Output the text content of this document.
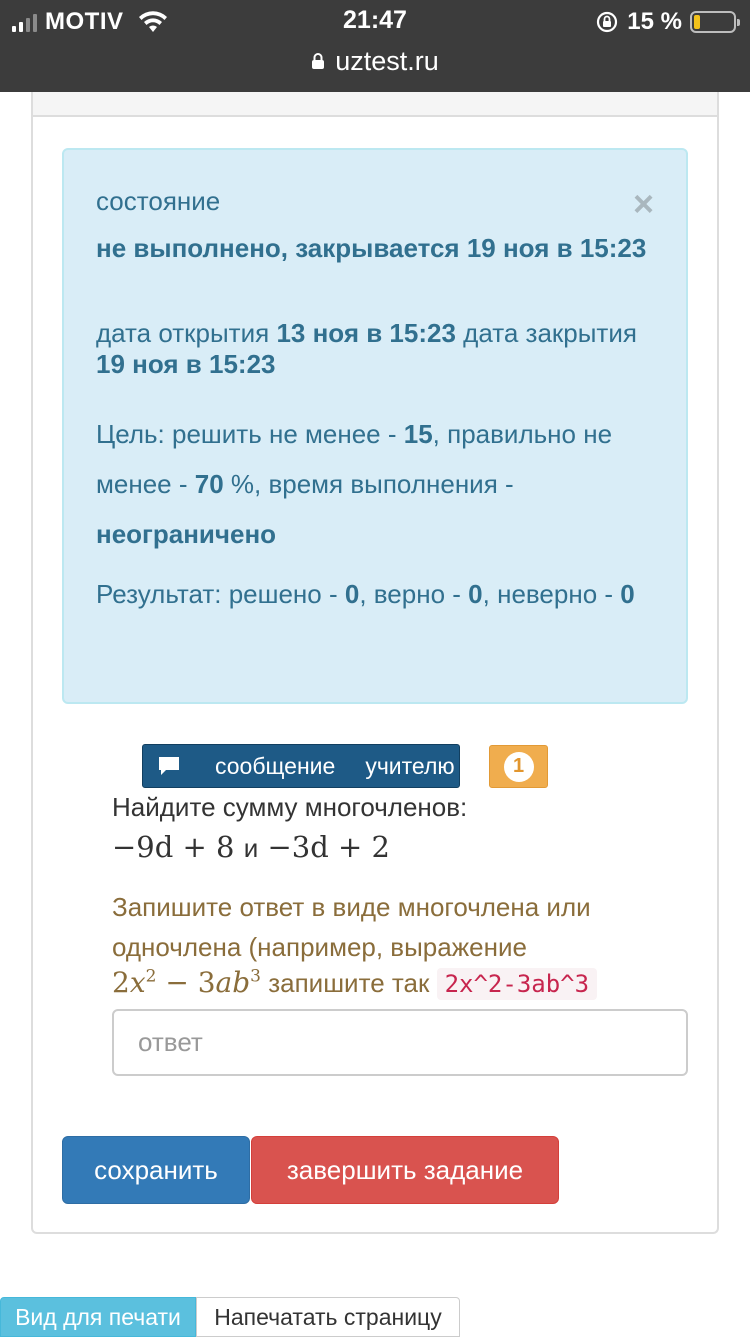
MOTIV	21:47	15 %
uztest.ru
×
состояние
не выполнено, закрывается 19 ноя в 15:23
дата открытия 13 ноя в 15:23 дата закрытия 19 ноя в 15:23
Цель: решить не менее - 15, правильно не менее - 70 %, время выполнения - неограничено
Результат: решено - 0, верно - 0, неверно - 0
сообщение учителю	1
Найдите сумму многочленов:
−9d + 8 и −3d + 2
Запишите ответ в виде многочлена или
одночлена (например, выражение
$2x^2 - 3ab^3$ запишите так 2x^2-3ab^3
ответ
сохранить	завершить задание
Вид для печати	Напечатать страницу
